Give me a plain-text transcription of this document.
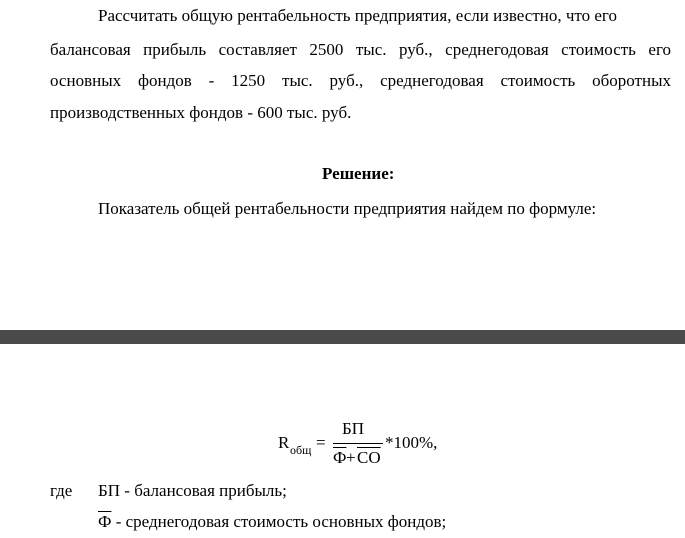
Рассчитать общую рентабельность предприятия, если известно, что его
балансовая прибыль составляет 2500 тыс. руб., среднегодовая стоимость его
основных фондов - 1250 тыс. руб., среднегодовая стоимость оборотных
производственных фондов - 600 тыс. руб.
Решение:
Показатель общей рентабельности предприятия найдем по формуле:
R общ =
БП
Ф + СО
*100%,
где БП - балансовая прибыль;
Ф - среднегодовая стоимость основных фондов;
